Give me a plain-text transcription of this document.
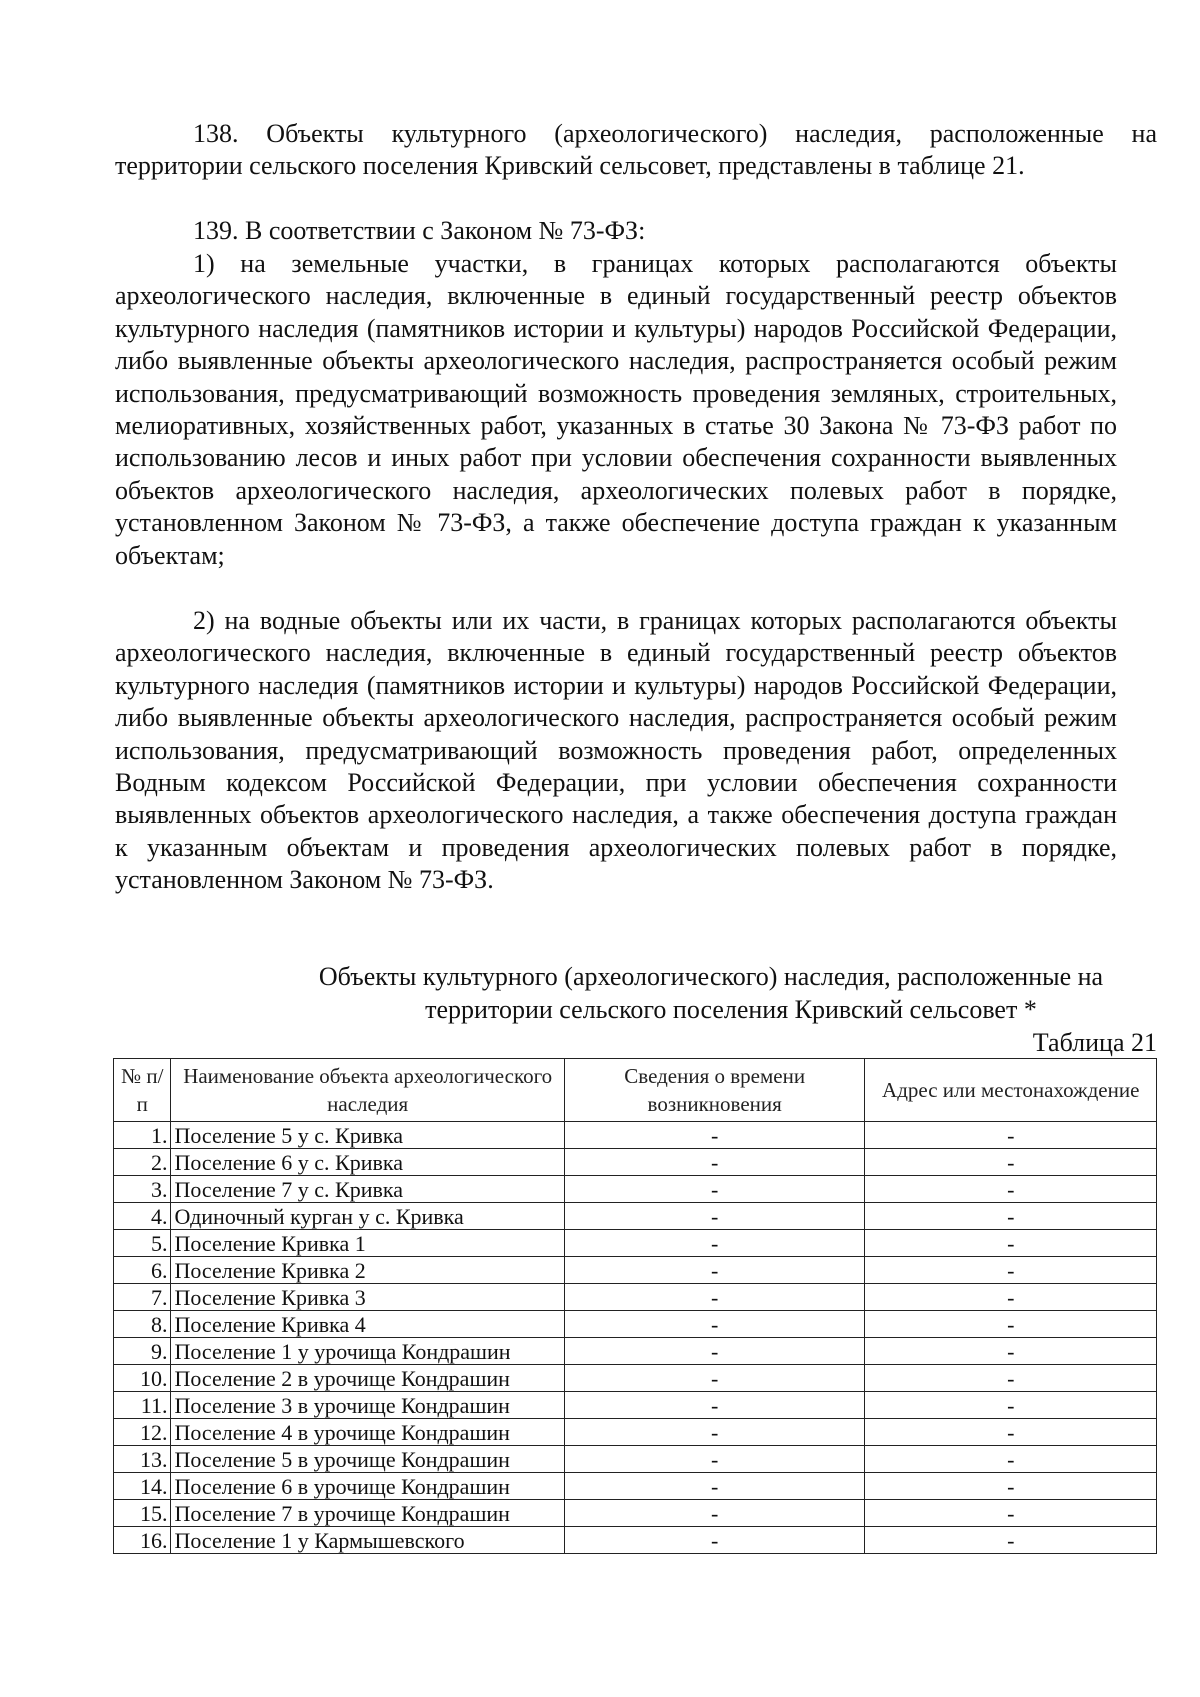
138. Объекты культурного (археологического) наследия, расположенные на территории сельского поселения Кривский сельсовет, представлены в таблице 21.

139. В соответствии с Законом № 73-ФЗ:

1) на земельные участки, в границах которых располагаются объекты археологического наследия, включенные в единый государственный реестр объектов культурного наследия (памятников истории и культуры) народов Российской Федерации, либо выявленные объекты археологического наследия, распространяется особый режим использования, предусматривающий возможность проведения земляных, строительных, мелиоративных, хозяйственных работ, указанных в статье 30 Закона № 73-ФЗ работ по использованию лесов и иных работ при условии обеспечения сохранности выявленных объектов археологического наследия, археологических полевых работ в порядке, установленном Законом № 73-ФЗ, а также обеспечение доступа граждан к указанным объектам;

2) на водные объекты или их части, в границах которых располагаются объекты археологического наследия, включенные в единый государственный реестр объектов культурного наследия (памятников истории и культуры) народов Российской Федерации, либо выявленные объекты археологического наследия, распространяется особый режим использования, предусматривающий возможность проведения работ, определенных Водным кодексом Российской Федерации, при условии обеспечения сохранности выявленных объектов археологического наследия, а также обеспечения доступа граждан к указанным объектам и проведения археологических полевых работ в порядке, установленном Законом № 73-ФЗ.

Объекты культурного (археологического) наследия, расположенные на
территории сельского поселения Кривский сельсовет *
Таблица 21
№ п/п	Наименование объекта археологического наследия	Сведения о времени возникновения	Адрес или местонахождение
1.	Поселение 5 у с. Кривка	-	-
2.	Поселение 6 у с. Кривка	-	-
3.	Поселение 7 у с. Кривка	-	-
4.	Одиночный курган у с. Кривка	-	-
5.	Поселение Кривка 1	-	-
6.	Поселение Кривка 2	-	-
7.	Поселение Кривка 3	-	-
8.	Поселение Кривка 4	-	-
9.	Поселение 1 у урочища Кондрашин	-	-
10.	Поселение 2 в урочище Кондрашин	-	-
11.	Поселение 3 в урочище Кондрашин	-	-
12.	Поселение 4 в урочище Кондрашин	-	-
13.	Поселение 5 в урочище Кондрашин	-	-
14.	Поселение 6 в урочище Кондрашин	-	-
15.	Поселение 7 в урочище Кондрашин	-	-
16.	Поселение 1 у Кармышевского	-	-
